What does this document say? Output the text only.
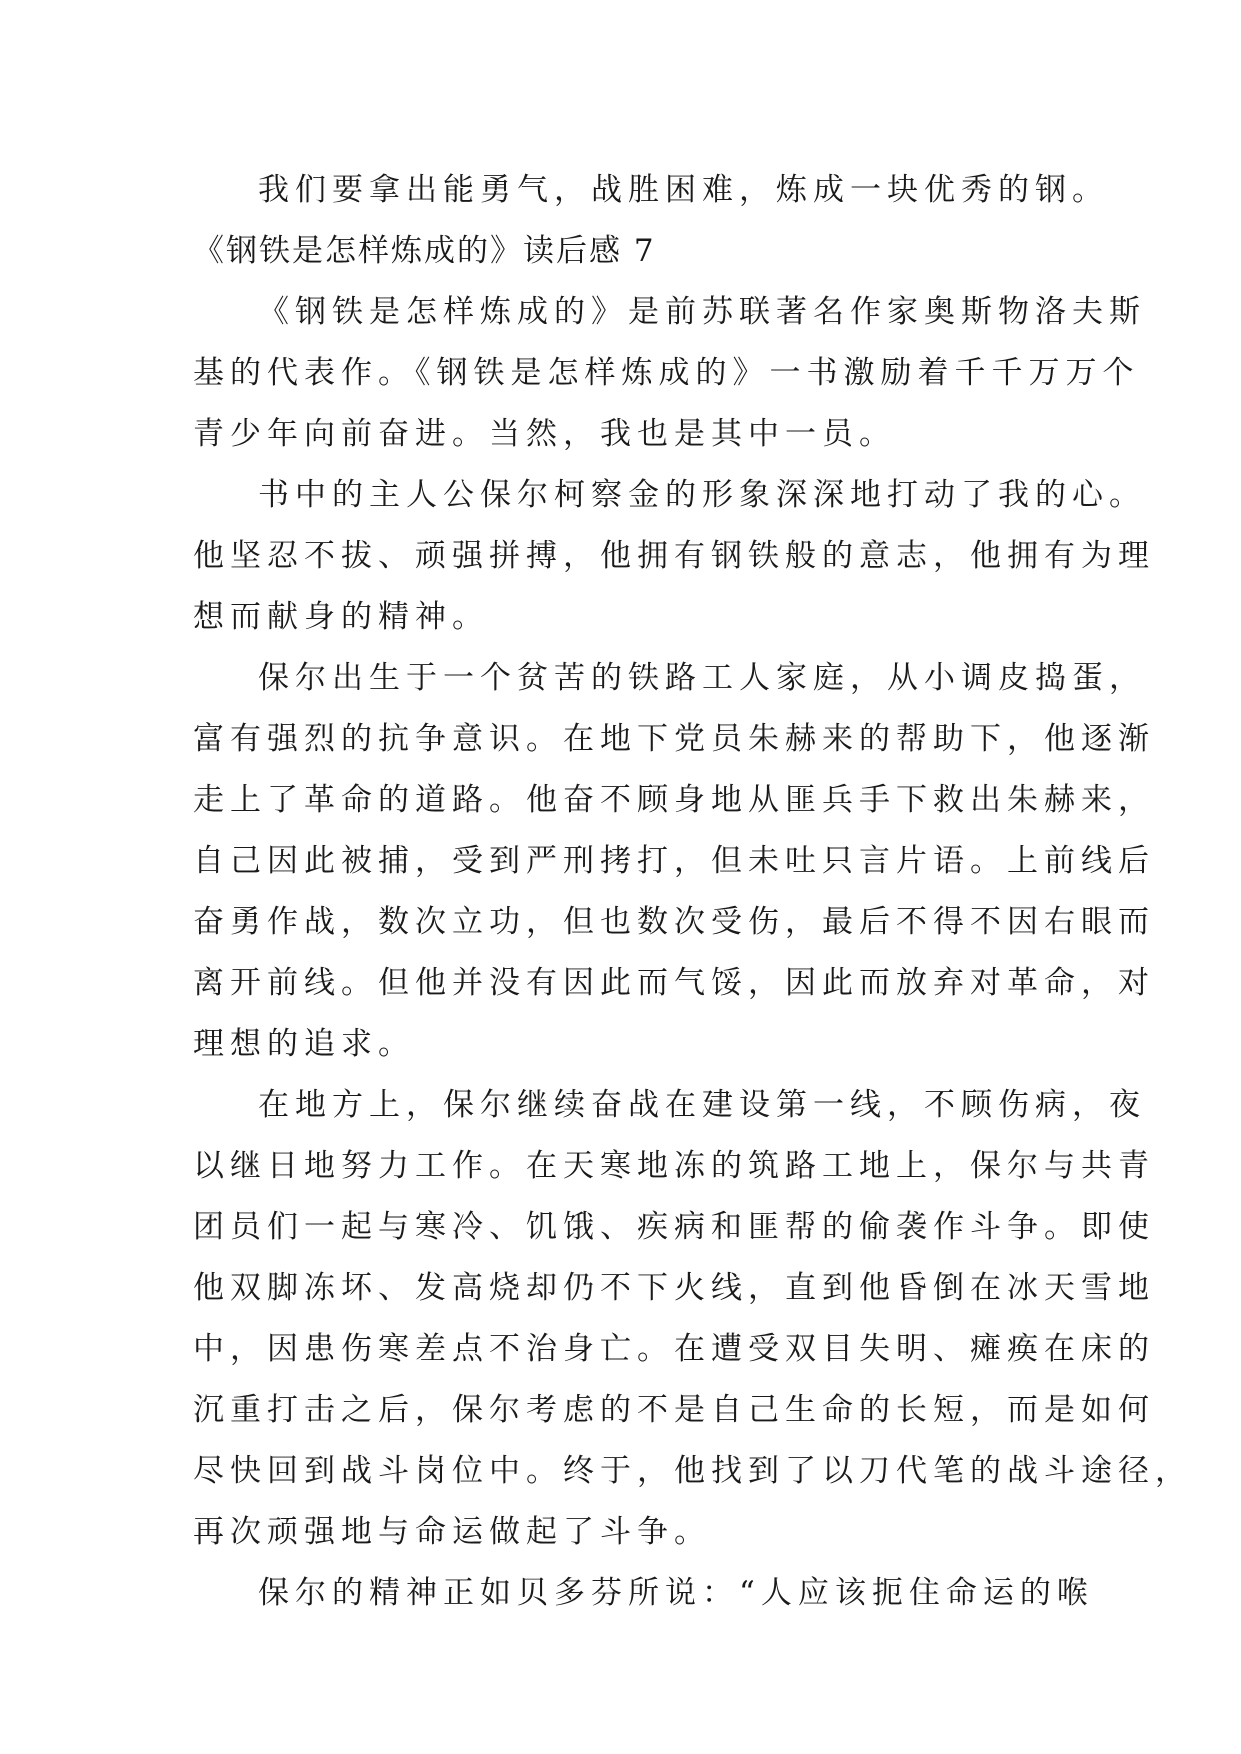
我们要拿出能勇气，战胜困难，炼成一块优秀的钢。
《钢铁是怎样炼成的》读后感 7
《钢铁是怎样炼成的》是前苏联著名作家奥斯物洛夫斯
基的代表作。《钢铁是怎样炼成的》一书激励着千千万万个
青少年向前奋进。当然，我也是其中一员。
书中的主人公保尔柯察金的形象深深地打动了我的心。
他坚忍不拔、顽强拼搏，他拥有钢铁般的意志，他拥有为理
想而献身的精神。
保尔出生于一个贫苦的铁路工人家庭，从小调皮捣蛋，
富有强烈的抗争意识。在地下党员朱赫来的帮助下，他逐渐
走上了革命的道路。他奋不顾身地从匪兵手下救出朱赫来，
自己因此被捕，受到严刑拷打，但未吐只言片语。上前线后
奋勇作战，数次立功，但也数次受伤，最后不得不因右眼而
离开前线。但他并没有因此而气馁，因此而放弃对革命，对
理想的追求。
在地方上，保尔继续奋战在建设第一线，不顾伤病，夜
以继日地努力工作。在天寒地冻的筑路工地上，保尔与共青
团员们一起与寒冷、饥饿、疾病和匪帮的偷袭作斗争。即使
他双脚冻坏、发高烧却仍不下火线，直到他昏倒在冰天雪地
中，因患伤寒差点不治身亡。在遭受双目失明、瘫痪在床的
沉重打击之后，保尔考虑的不是自己生命的长短，而是如何
尽快回到战斗岗位中。终于，他找到了以刀代笔的战斗途径，
再次顽强地与命运做起了斗争。
保尔的精神正如贝多芬所说：“人应该扼住命运的喉
